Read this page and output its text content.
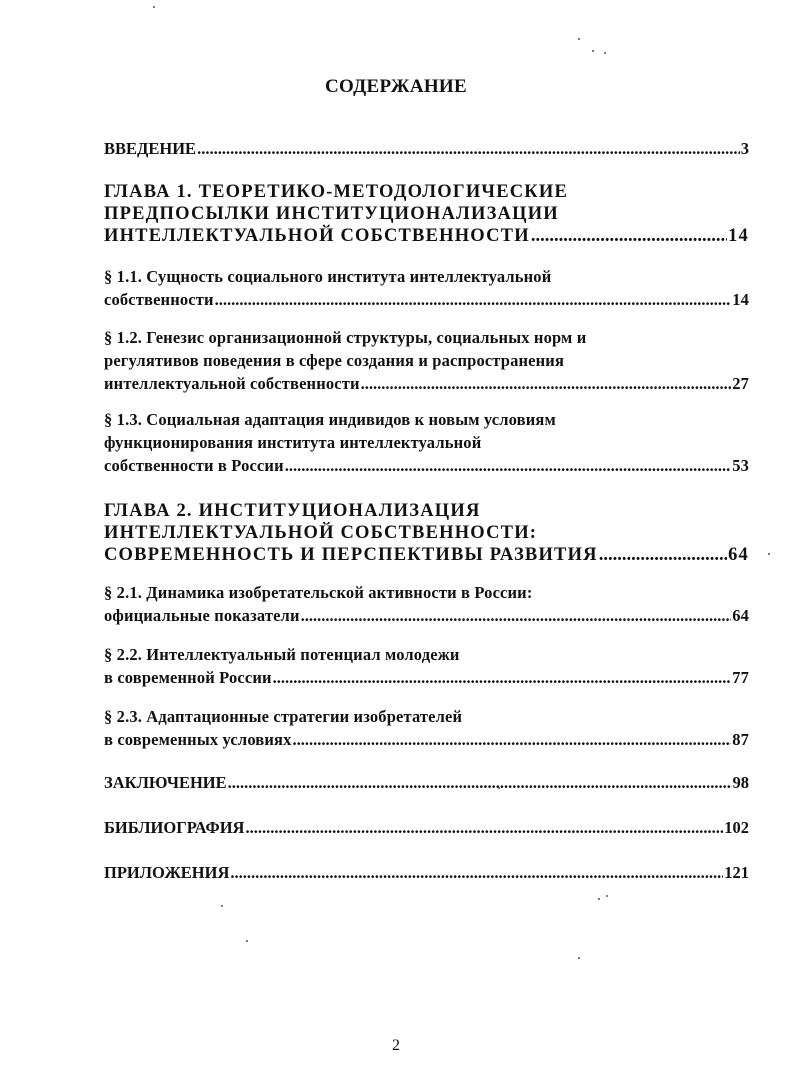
СОДЕРЖАНИЕ
ВВЕДЕНИЕ .....	3
ГЛАВА 1. ТЕОРЕТИКО-МЕТОДОЛОГИЧЕСКИЕ
ПРЕДПОСЫЛКИ ИНСТИТУЦИОНАЛИЗАЦИИ
ИНТЕЛЛЕКТУАЛЬНОЙ СОБСТВЕННОСТИ .....	14
§ 1.1. Сущность социального института интеллектуальной
собственности .....	14
§ 1.2. Генезис организационной структуры, социальных норм и
регулятивов поведения в сфере создания и распространения
интеллектуальной собственности .....	27
§ 1.3. Социальная адаптация индивидов к новым условиям
функционирования института интеллектуальной
собственности в России .....	53
ГЛАВА 2. ИНСТИТУЦИОНАЛИЗАЦИЯ
ИНТЕЛЛЕКТУАЛЬНОЙ СОБСТВЕННОСТИ:
СОВРЕМЕННОСТЬ И ПЕРСПЕКТИВЫ РАЗВИТИЯ .....	64
§ 2.1. Динамика изобретательской активности в России:
официальные показатели .....	64
§ 2.2. Интеллектуальный потенциал молодежи
в современной России .....	77
§ 2.3. Адаптационные стратегии изобретателей
в современных условиях .....	87
ЗАКЛЮЧЕНИЕ .....	98
БИБЛИОГРАФИЯ .....	102
ПРИЛОЖЕНИЯ .....	121
2
